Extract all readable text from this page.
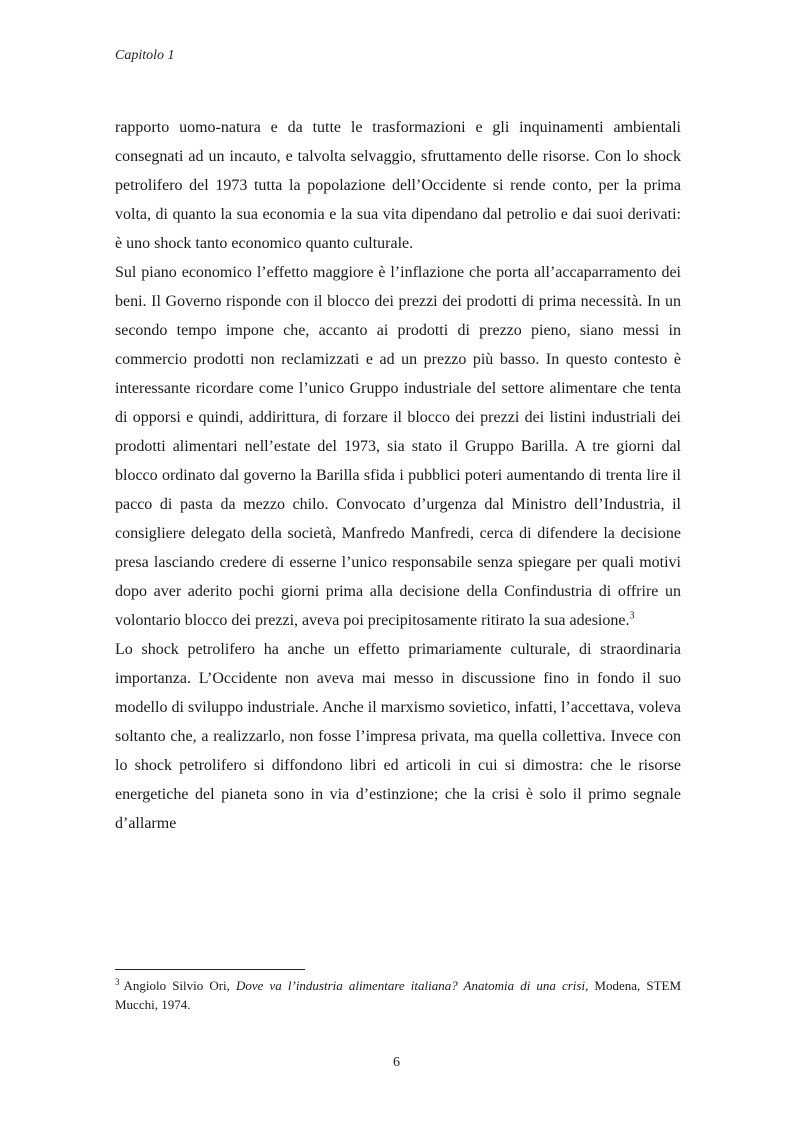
Capitolo 1

rapporto uomo-natura e da tutte le trasformazioni e gli inquinamenti ambientali consegnati ad un incauto, e talvolta selvaggio, sfruttamento delle risorse. Con lo shock petrolifero del 1973 tutta la popolazione dell’Occidente si rende conto, per la prima volta, di quanto la sua economia e la sua vita dipendano dal petrolio e dai suoi derivati: è uno shock tanto economico quanto culturale.

Sul piano economico l’effetto maggiore è l’inflazione che porta all’accaparramento dei beni. Il Governo risponde con il blocco dei prezzi dei prodotti di prima necessità. In un secondo tempo impone che, accanto ai prodotti di prezzo pieno, siano messi in commercio prodotti non reclamizzati e ad un prezzo più basso. In questo contesto è interessante ricordare come l’unico Gruppo industriale del settore alimentare che tenta di opporsi e quindi, addirittura, di forzare il blocco dei prezzi dei listini industriali dei prodotti alimentari nell’estate del 1973, sia stato il Gruppo Barilla. A tre giorni dal blocco ordinato dal governo la Barilla sfida i pubblici poteri aumentando di trenta lire il pacco di pasta da mezzo chilo. Convocato d’urgenza dal Ministro dell’Industria, il consigliere delegato della società, Manfredo Manfredi, cerca di difendere la decisione presa lasciando credere di esserne l’unico responsabile senza spiegare per quali motivi dopo aver aderito pochi giorni prima alla decisione della Confindustria di offrire un volontario blocco dei prezzi, aveva poi precipitosamente ritirato la sua adesione.$^3$

Lo shock petrolifero ha anche un effetto primariamente culturale, di straordinaria importanza. L’Occidente non aveva mai messo in discussione fino in fondo il suo modello di sviluppo industriale. Anche il marxismo sovietico, infatti, l’accettava, voleva soltanto che, a realizzarlo, non fosse l’impresa privata, ma quella collettiva. Invece con lo shock petrolifero si diffondono libri ed articoli in cui si dimostra: che le risorse energetiche del pianeta sono in via d’estinzione; che la crisi è solo il primo segnale d’allarme

$^3$ Angiolo Silvio Ori, Dove va l’industria alimentare italiana? Anatomia di una crisi, Modena, STEM Mucchi, 1974.
6
